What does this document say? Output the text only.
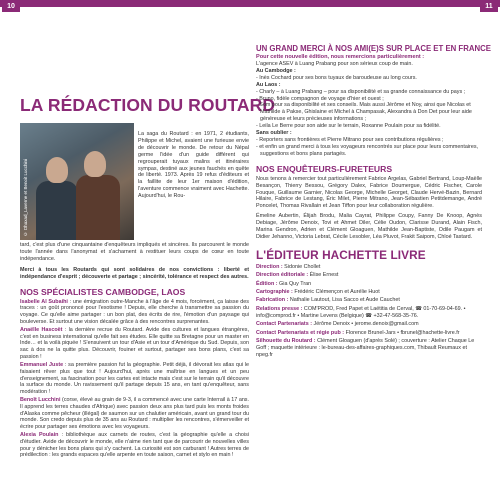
10	11
LA RÉDACTION DU ROUTARD
© Dhaxad_Laverne et Benoit Lucchini

La saga du Routard : en 1971, 2 étudiants, Philippe et Michel, avaient une furieuse envie de découvrir le monde. De retour du Népal germe l'idée d'un guide différent qui regrouperait tuyaux malins et itinéraires sympas, destiné aux jeunes fauchés en quête de liberté. 1973. Après 19 refus d'éditeurs et la faillite de leur 1er maison d'édition, l'aventure commence vraiment avec Hachette. Aujourd'hui, le Rou-

tard, c'est plus d'une cinquantaine d'enquêteurs impliqués et sincères. Ils parcourent le monde toute l'année dans l'anonymat et s'acharnent à restituer leurs coups de cœur en toute indépendance.

Merci à tous les Routards qui sont solidaires de nos convictions : liberté et indépendance d'esprit ; découverte et partage ; sincérité, tolérance et respect des autres.

NOS SPÉCIALISTES CAMBODGE, LAOS

Isabelle Al Subaihi : une émigration outre-Manche à l'âge de 4 mois, forcément, ça laisse des traces : un goût prononcé pour l'exotisme ! Depuis, elle cherche à transmettre sa passion du voyage. Ce qu'elle aime partager : un bon plat, des écrits de rire, l'émotion d'un paysage qui bouleverse. Et surtout une vision décalée grâce à des rencontres surprenantes.

Anaëlle Hascoët : la dernière recrue du Routard. Avide des cultures et langues étrangères, c'est en business international qu'elle fait ses études. Elle quitte sa Bretagne pour un master en Inde… et la voilà piquée ! S'ensuivent un tour d'Asie et un tour d'Amérique du Sud. Depuis, son sac à dos ne la quitte plus. Découvrir, fouiner et surtout, partager ses bons plans, c'est sa passion !

Emmanuel Juste : sa première passion fut la géographie. Petit déjà, il dévorait les atlas qui le faisaient rêver plus que tout ! Aujourd'hui, après une maîtrise en langues et un peu d'enseignement, sa fascination pour les cartes est intacte mais c'est sur le terrain qu'il découvre la surface du monde. Un ravissement qu'il partage depuis 15 ans, en tant qu'enquêteur, sans modération !

Benoît Lucchini (corse, élevé au grain de 9-3, il a commencé avec une carte Interrail à 17 ans. Il apprend les terres chaudes d'Afrique) avec passion deux ans plus tard puis les monts froides d'Alaska comme pêcheur (illégal) de saumon sur un chalutier américain, avant un grand tour du monde. Son credo depuis plus de 35 ans au Routard : multiplier les rencontres, s'émerveiller et écrire pour partager ses émotions avec les voyageurs.

Alexia Poulain : bibliothèque aux carnets de routes, c'est la géographie qu'elle a choisi d'étudier. Avide de découvrir le monde, elle n'aime rien tant que de parcourir de nouvelles villes pour y dénicher les bons plans qui s'y cachent. La curiosité est son carburant ! Autres terres de prédilection : les grands espaces qu'elle arpente en toute saison, carnet et stylo en main !

UN GRAND MERCI À NOS AMI(E)S SUR PLACE ET EN FRANCE

Pour cette nouvelle édition, nous remercions particulièrement :

L'agence ASEV à Luang Prabang pour son sérieux coup de main.

Au Cambodge :

- Inès Cochard pour ses bons tuyaux de baroudeuse au long cours.

Au Laos :

- Charly – à Luang Prabang – pour sa disponibilité et sa grande connaissance du pays ;

- Bruno, fidèle compagnon de voyage d'hier et ouest ;

- Som pour sa disponibilité et ses conseils. Mais aussi Jérôme et Noy, ainsi que Nicolas et Mathilde à Pakse, Ghislaine et Michel à Champasak, Alexandra à Don Det pour leur aide généreuse et leurs précieuses informations ;

- Leila Le Berre pour son aide sur le terrain, Roxanne Poulain pour sa fidélité.

Sans oublier :

- Reporters sans frontières et Pierre Mitrano pour ses contributions régulières ;

- et enfin un grand merci à tous les voyageurs rencontrés sur place pour leurs commentaires, suggestions et bons plans partagés.

NOS ENQUÊTEURS-FURETEURS

Nous tenons à remercier tout particulièrement Fabrice Argelas, Gabriel Bertrand, Loup-Maëlle Besançon, Thierry Bessou, Grégory Dalex, Fabrice Doumergue, Cédric Fischer, Carole Fouque, Guillaume Garnier, Nicolas George, Michelle Georget, Claude Hervé-Bazin, Bernard Hilaire, Fabrice de Lestang, Éric Milet, Pierre Mitrano, Jean-Sébastien Petitdemange, André Poncelet, Thomas Rivallain et Jean Tiffon pour leur collaboration régulière.

Émeline Aubertin, Élijah Brodu, Malia Cayrat, Philippe Coupy, Fanny De Knoop, Agnès Debiage, Jérôme Denoix, Tovi et Ahmet Diler, Célie Oudon, Clarisse Durand, Alain Fisch, Marina Gendron, Adrien et Clément Gloaguen, Mathilde Jean-Baptiste, Odile Paugam et Didier Jehanno, Victoria Lebrat, Cécile Lesobler, Léa Pluvot, Frakit Saipom, Chloé Tastard.

L'ÉDITEUR HACHETTE LIVRE

Direction : Sidonie Chollet

Direction éditoriale : Élise Ernest

Édition : Gia Quy Tran

Cartographie : Frédéric Clémençon et Aurélie Huot

Fabrication : Nathalie Lautout, Lisa Sacco et Aude Cauchet

Relations presse : COM'PROD, Fred Papet et Laëtitia de Cerval, ☎ 01-70-69-04-69. • info@comprod.fr • Martine Levens (Belgique) ☎ +32-47-568-35-76.

Contact Partenariats : Jérôme Denoix • jerome.denoix@gmail.com

Contact Partenariats et régie pub : Florence Brunel-Jars • fbrunel@hachette-livre.fr

Silhouette du Routard : Clément Gloaguen (d'après Solé) ; couverture : Atelier Chaque Le Goff ; maquette intérieure : le-bureau-des-affaires-graphiques.com, Thibault Reumaux et npeg.fr
